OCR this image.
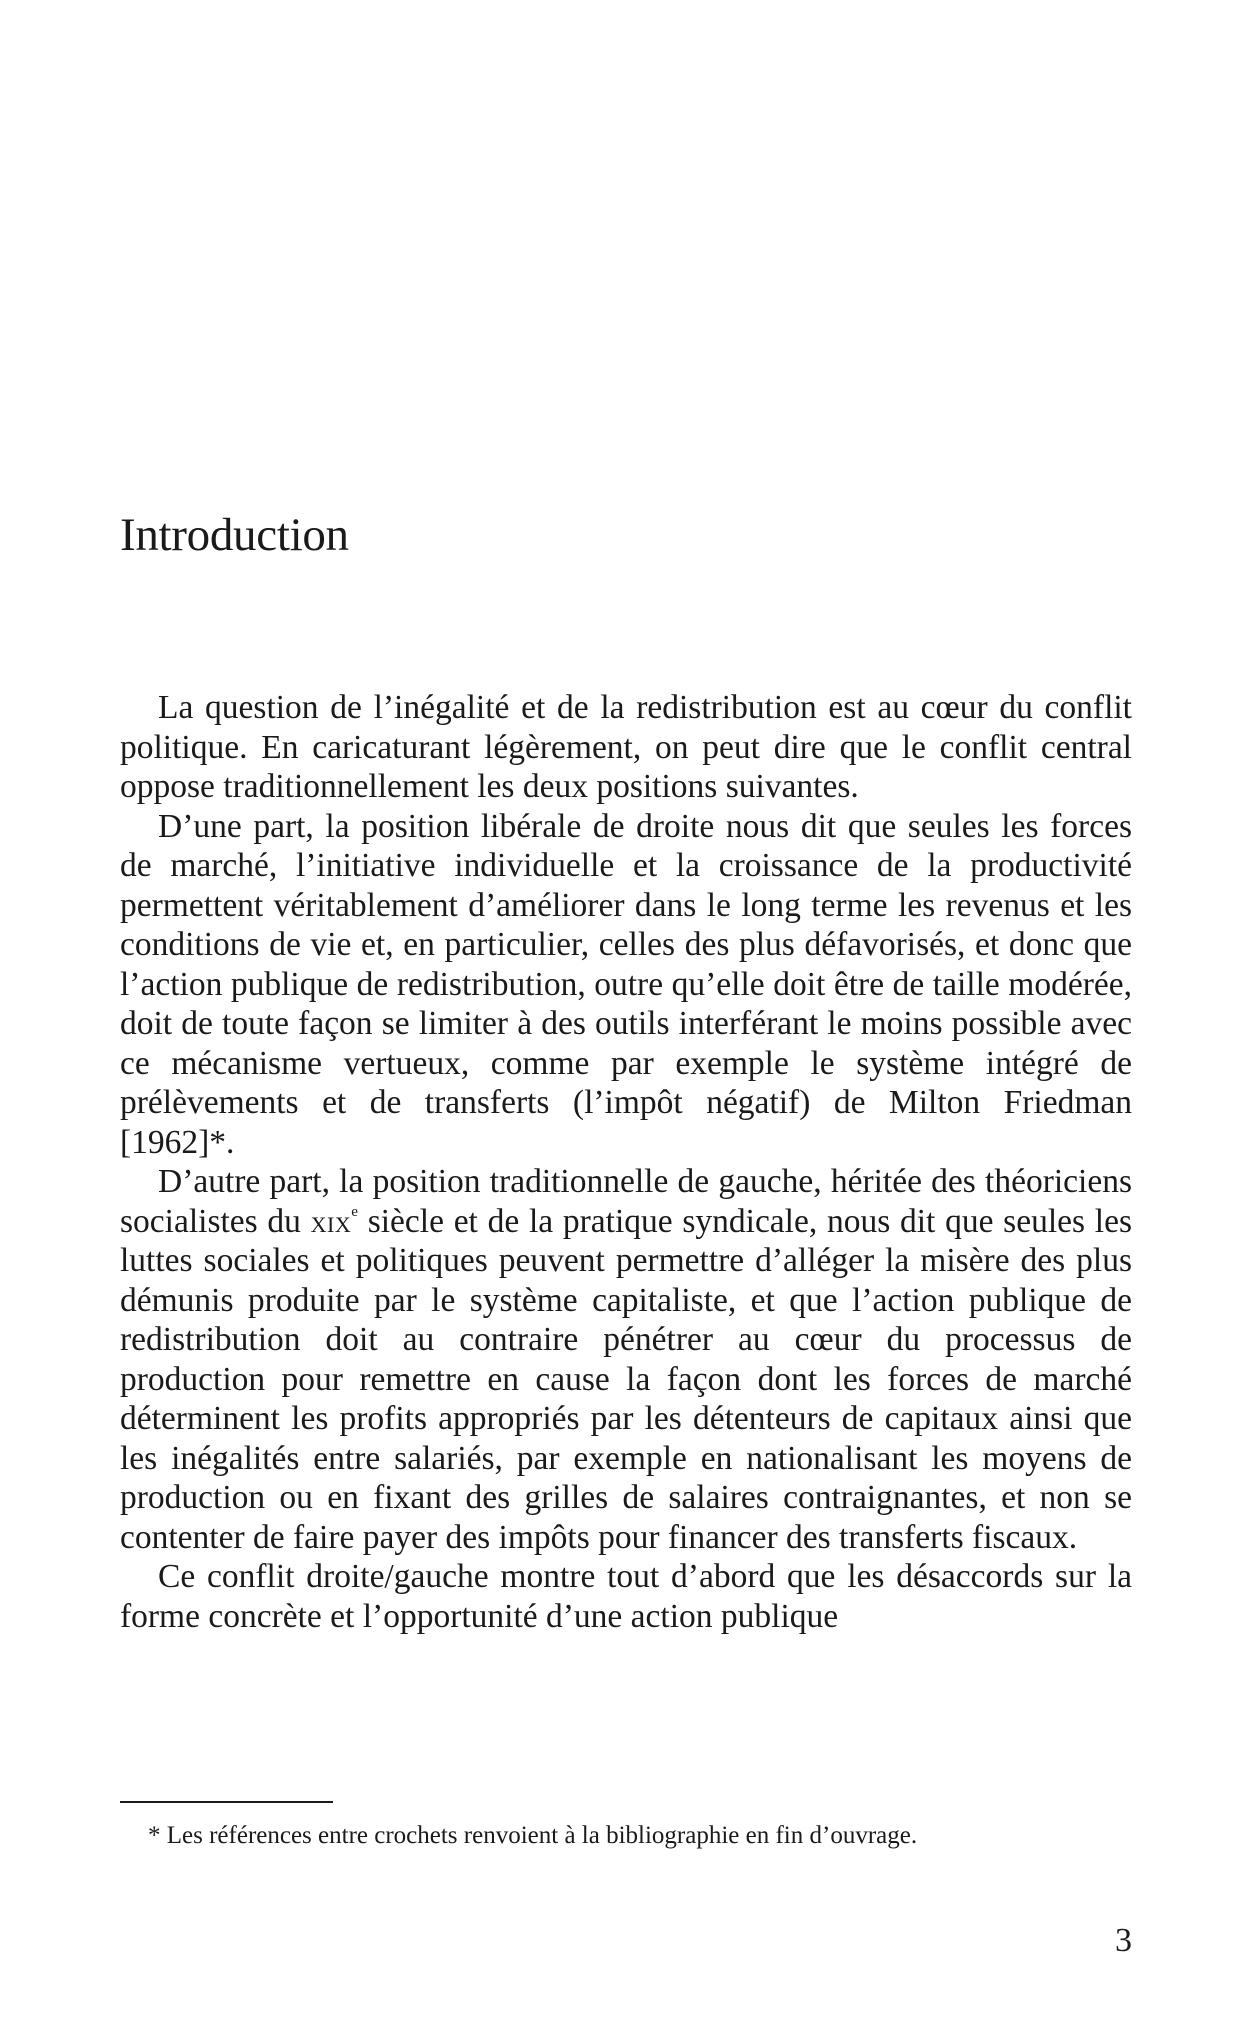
Introduction

La question de l’inégalité et de la redistribution est au cœur du conflit politique. En caricaturant légèrement, on peut dire que le conflit central oppose traditionnellement les deux positions suivantes.

D’une part, la position libérale de droite nous dit que seules les forces de marché, l’initiative individuelle et la croissance de la productivité permettent véritablement d’améliorer dans le long terme les revenus et les conditions de vie et, en particulier, celles des plus défavorisés, et donc que l’action publique de redistribution, outre qu’elle doit être de taille modérée, doit de toute façon se limiter à des outils interférant le moins possible avec ce mécanisme vertueux, comme par exemple le système intégré de prélèvements et de transferts (l’impôt négatif) de Milton Friedman [1962]*.

D’autre part, la position traditionnelle de gauche, héritée des théoriciens socialistes du xix$^e$ siècle et de la pratique syndicale, nous dit que seules les luttes sociales et politiques peuvent permettre d’alléger la misère des plus démunis produite par le système capitaliste, et que l’action publique de redistribution doit au contraire pénétrer au cœur du processus de production pour remettre en cause la façon dont les forces de marché déterminent les profits appropriés par les détenteurs de capitaux ainsi que les inégalités entre salariés, par exemple en nationalisant les moyens de production ou en fixant des grilles de salaires contraignantes, et non se contenter de faire payer des impôts pour financer des transferts fiscaux.

Ce conflit droite/gauche montre tout d’abord que les désaccords sur la forme concrète et l’opportunité d’une action publique

* Les références entre crochets renvoient à la bibliographie en fin d’ouvrage.

3
